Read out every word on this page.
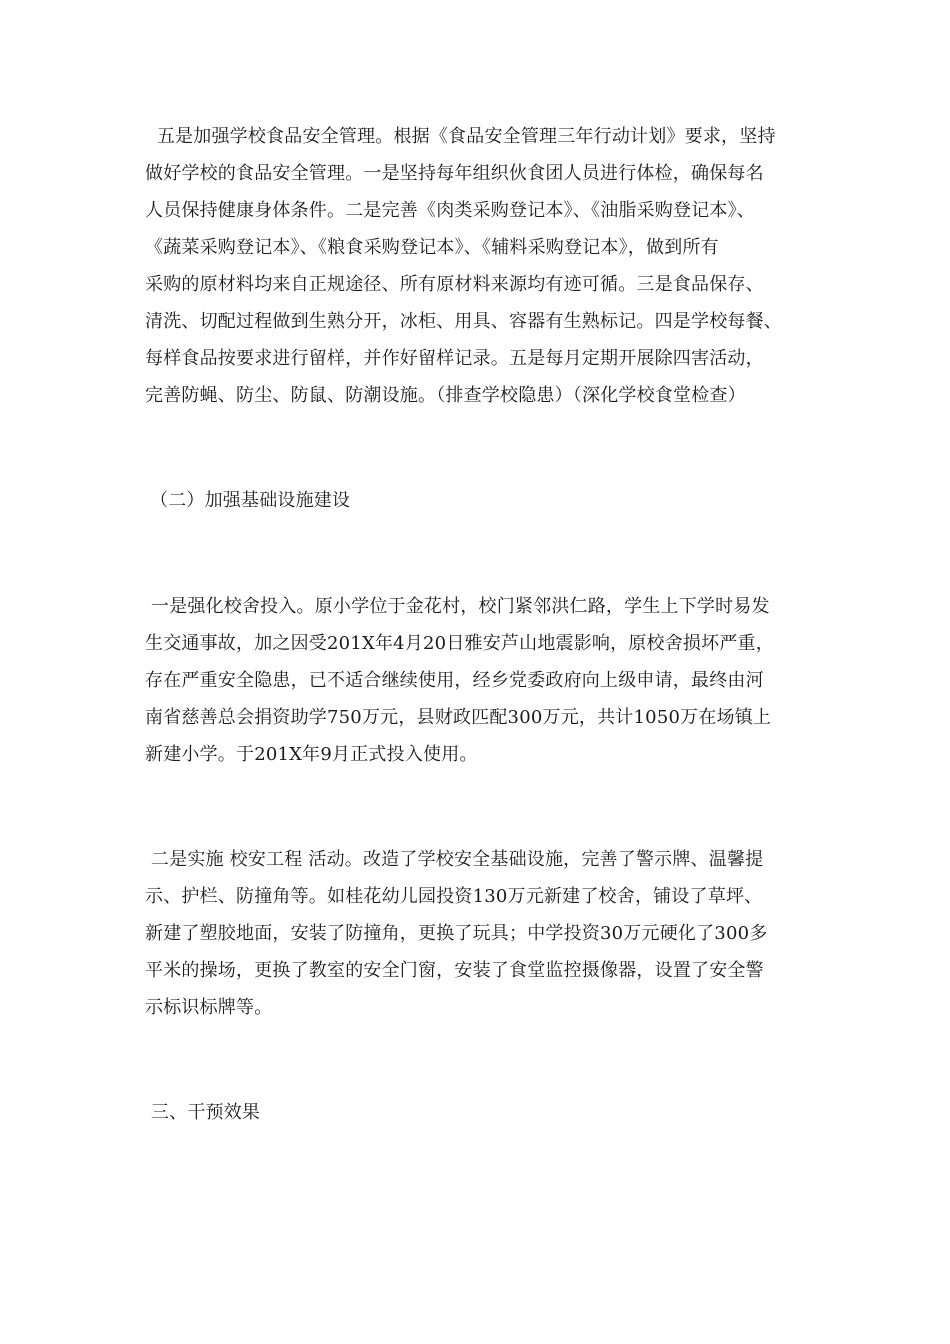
五是加强学校食品安全管理。根据《食品安全管理三年行动计划》要求，坚持
做好学校的食品安全管理。一是坚持每年组织伙食团人员进行体检，确保每名
人员保持健康身体条件。二是完善《肉类采购登记本》、《油脂采购登记本》、
《蔬菜采购登记本》、《粮食采购登记本》、《辅料采购登记本》，做到所有
采购的原材料均来自正规途径、所有原材料来源均有迹可循。三是食品保存、
清洗、切配过程做到生熟分开，冰柜、用具、容器有生熟标记。四是学校每餐、
每样食品按要求进行留样，并作好留样记录。五是每月定期开展除四害活动，
完善防蝇、防尘、防鼠、防潮设施。（排查学校隐患）（深化学校食堂检查）
（二）加强基础设施建设
一是强化校舍投入。原小学位于金花村，校门紧邻洪仁路，学生上下学时易发
生交通事故，加之因受201X年4月20日雅安芦山地震影响，原校舍损坏严重，
存在严重安全隐患，已不适合继续使用，经乡党委政府向上级申请，最终由河
南省慈善总会捐资助学750万元，县财政匹配300万元，共计1050万在场镇上
新建小学。于201X年9月正式投入使用。
二是实施 校安工程 活动。改造了学校安全基础设施，完善了警示牌、温馨提
示、护栏、防撞角等。如桂花幼儿园投资130万元新建了校舍，铺设了草坪、
新建了塑胶地面，安装了防撞角，更换了玩具；中学投资30万元硬化了300多
平米的操场，更换了教室的安全门窗，安装了食堂监控摄像器，设置了安全警
示标识标牌等。
三、干预效果
